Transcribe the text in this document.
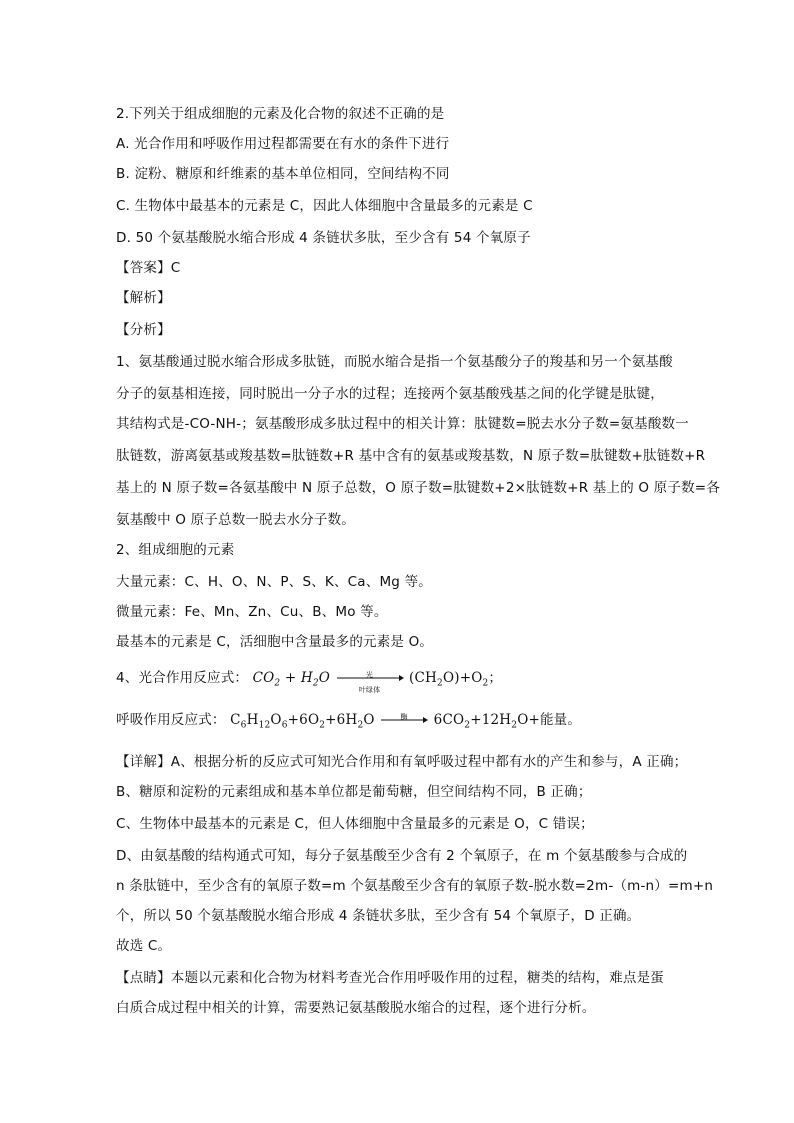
2.下列关于组成细胞的元素及化合物的叙述不正确的是
A. 光合作用和呼吸作用过程都需要在有水的条件下进行
B. 淀粉、糖原和纤维素的基本单位相同，空间结构不同
C. 生物体中最基本的元素是 C，因此人体细胞中含量最多的元素是 C
D. 50 个氨基酸脱水缩合形成 4 条链状多肽，至少含有 54 个氧原子
【答案】C
【解析】
【分析】
1、氨基酸通过脱水缩合形成多肽链，而脱水缩合是指一个氨基酸分子的羧基和另一个氨基酸
分子的氨基相连接，同时脱出一分子水的过程；连接两个氨基酸残基之间的化学键是肽键，
其结构式是-CO-NH-；氨基酸形成多肽过程中的相关计算：肽键数=脱去水分子数=氨基酸数一
肽链数，游离氨基或羧基数=肽链数+R 基中含有的氨基或羧基数，N 原子数=肽键数+肽链数+R
基上的 N 原子数=各氨基酸中 N 原子总数，O 原子数=肽键数+2×肽链数+R 基上的 O 原子数=各
氨基酸中 O 原子总数一脱去水分子数。
2、组成细胞的元素
大量元素：C、H、O、N、P、S、K、Ca、Mg 等。
微量元素：Fe、Mn、Zn、Cu、B、Mo 等。
最基本的元素是 C，活细胞中含量最多的元素是 O。
4、光合作用反应式： $CO_2 + H_2O$	光
叶绿体
$(CH_2O)+O_2$；
呼吸作用反应式： $C_6H_{12}O_6+6O_2+6H_2O$	酶	$6CO_2+12H_2O+$能量。
【详解】A、根据分析的反应式可知光合作用和有氧呼吸过程中都有水的产生和参与，A 正确；
B、糖原和淀粉的元素组成和基本单位都是葡萄糖，但空间结构不同，B 正确；
C、生物体中最基本的元素是 C，但人体细胞中含量最多的元素是 O，C 错误；
D、由氨基酸的结构通式可知，每分子氨基酸至少含有 2 个氧原子，在 m 个氨基酸参与合成的
n 条肽链中，至少含有的氧原子数=m 个氨基酸至少含有的氧原子数-脱水数=2m-（m-n）=m+n
个，所以 50 个氨基酸脱水缩合形成 4 条链状多肽，至少含有 54 个氧原子，D 正确。
故选 C。
【点睛】本题以元素和化合物为材料考查光合作用呼吸作用的过程，糖类的结构，难点是蛋
白质合成过程中相关的计算，需要熟记氨基酸脱水缩合的过程，逐个进行分析。
